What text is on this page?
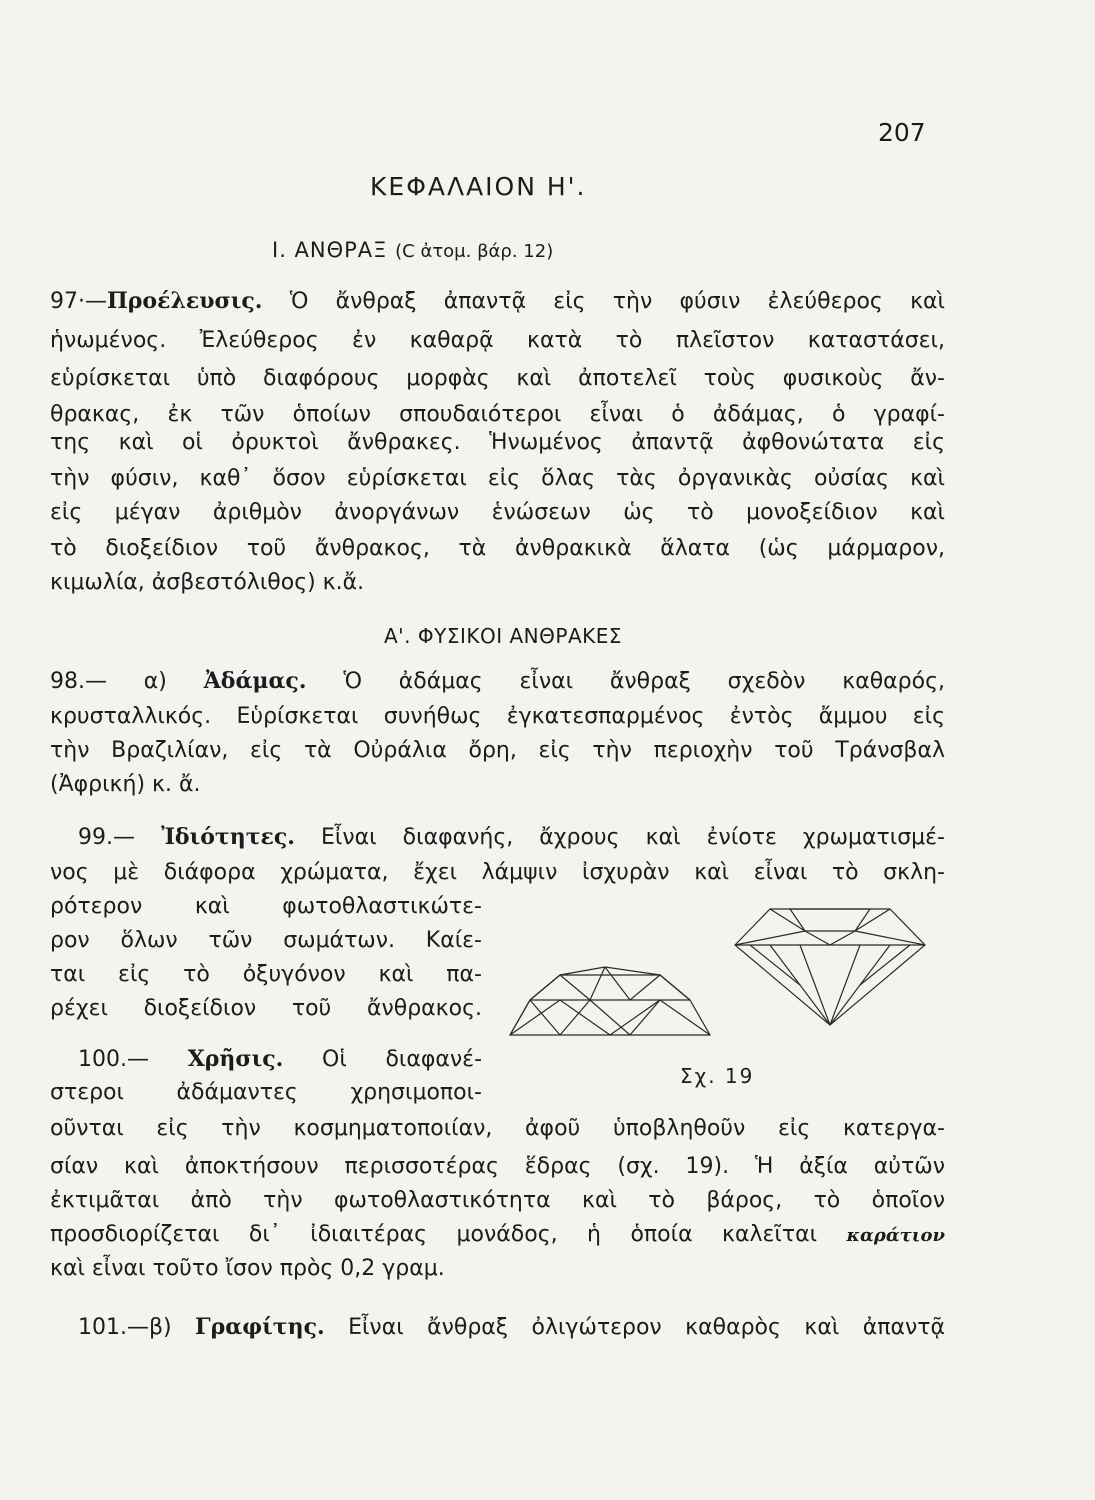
207
ΚΕΦΑΛΑΙΟΝ Η'.
Ι. ΑΝΘΡΑΞ (C ἀτομ. βάρ. 12)
97·—Προέλευσις. Ὁ ἄνθραξ ἀπαντᾷ εἰς τὴν φύσιν ἐλεύθερος καὶ
ἡνωμένος. Ἐλεύθερος ἐν καθαρᾷ κατὰ τὸ πλεῖστον καταστάσει,
εὑρίσκεται ὑπὸ διαφόρους μορφὰς καὶ ἀποτελεῖ τοὺς φυσικοὺς ἄν-
θρακας, ἐκ τῶν ὁποίων σπουδαιότεροι εἶναι ὁ ἀδάμας, ὁ γραφί-
της καὶ οἱ ὀρυκτοὶ ἄνθρακες. Ἡνωμένος ἀπαντᾷ ἀφθονώτατα εἰς
τὴν φύσιν, καθ᾽ ὅσον εὑρίσκεται εἰς ὅλας τὰς ὀργανικὰς οὐσίας καὶ
εἰς μέγαν ἀριθμὸν ἀνοργάνων ἑνώσεων ὡς τὸ μονοξείδιον καὶ
τὸ διοξείδιον τοῦ ἄνθρακος, τὰ ἀνθρακικὰ ἅλατα (ὡς μάρμαρον,
κιμωλία, ἀσβεστόλιθος) κ.ἄ.
Α'. ΦΥΣΙΚΟΙ ΑΝΘΡΑΚΕΣ
98.— α) Ἀδάμας. Ὁ ἀδάμας εἶναι ἄνθραξ σχεδὸν καθαρός,
κρυσταλλικός. Εὑρίσκεται συνήθως ἐγκατεσπαρμένος ἐντὸς ἄμμου εἰς
τὴν Βραζιλίαν, εἰς τὰ Οὐράλια ὄρη, εἰς τὴν περιοχὴν τοῦ Τράνσβαλ
(Ἀφρική) κ. ἄ.
99.— Ἰδιότητες. Εἶναι διαφανής, ἄχρους καὶ ἐνίοτε χρωματισμέ-
νος μὲ διάφορα χρώματα, ἔχει λάμψιν ἰσχυρὰν καὶ εἶναι τὸ σκλη-
ρότερον καὶ φωτοθλαστικώτε-
ρον ὅλων τῶν σωμάτων. Καίε-
ται εἰς τὸ ὀξυγόνον καὶ πα-
ρέχει διοξείδιον τοῦ ἄνθρακος.
100.— Χρῆσις. Οἱ διαφανέ-
στεροι ἀδάμαντες χρησιμοποι-
οῦνται εἰς τὴν κοσμηματοποιίαν, ἀφοῦ ὑποβληθοῦν εἰς κατεργα-
σίαν καὶ ἀποκτήσουν περισσοτέρας ἕδρας (σχ. 19). Ἡ ἀξία αὐτῶν
ἐκτιμᾶται ἀπὸ τὴν φωτοθλαστικότητα καὶ τὸ βάρος, τὸ ὁποῖον
προσδιορίζεται δι᾽ ἰδιαιτέρας μονάδος, ἡ ὁποία καλεῖται καράτιον
καὶ εἶναι τοῦτο ἴσον πρὸς 0,2 γραμ.
101.—β) Γραφίτης. Εἶναι ἄνθραξ ὀλιγώτερον καθαρὸς καὶ ἀπαντᾷ
Σχ. 19
